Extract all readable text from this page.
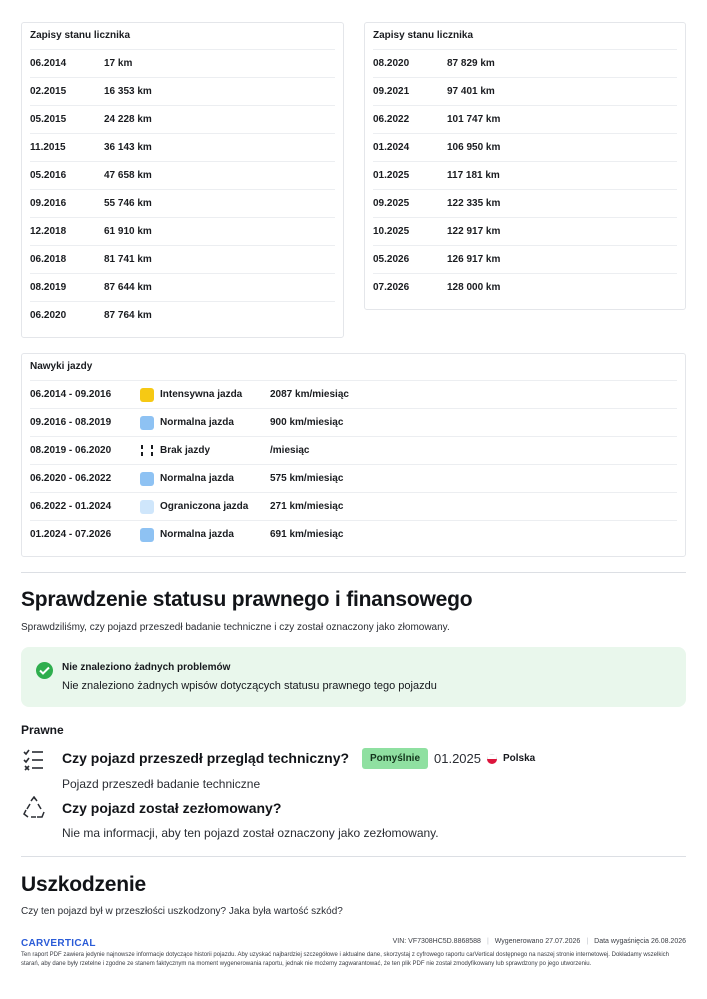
Zapisy stanu licznika
06.2014	17 km
02.2015	16 353 km
05.2015	24 228 km
11.2015	36 143 km
05.2016	47 658 km
09.2016	55 746 km
12.2018	61 910 km
06.2018	81 741 km
08.2019	87 644 km
06.2020	87 764 km
Zapisy stanu licznika
08.2020	87 829 km
09.2021	97 401 km
06.2022	101 747 km
01.2024	106 950 km
01.2025	117 181 km
09.2025	122 335 km
10.2025	122 917 km
05.2026	126 917 km
07.2026	128 000 km
Nawyki jazdy
06.2014 - 09.2016	Intensywna jazda	2087 km/miesiąc
09.2016 - 08.2019	Normalna jazda	900 km/miesiąc
08.2019 - 06.2020	Brak jazdy	/miesiąc
06.2020 - 06.2022	Normalna jazda	575 km/miesiąc
06.2022 - 01.2024	Ograniczona jazda	271 km/miesiąc
01.2024 - 07.2026	Normalna jazda	691 km/miesiąc
Sprawdzenie statusu prawnego i finansowego
Sprawdziliśmy, czy pojazd przeszedł badanie techniczne i czy został oznaczony jako złomowany.
Nie znaleziono żadnych problemów
Nie znaleziono żadnych wpisów dotyczących statusu prawnego tego pojazdu
Prawne
Czy pojazd przeszedł przegląd techniczny?	Pomyślnie	01.2025 Polska
Pojazd przeszedł badanie techniczne
Czy pojazd został zezłomowany?
Nie ma informacji, aby ten pojazd został oznaczony jako zezłomowany.
Uszkodzenie
Czy ten pojazd był w przeszłości uszkodzony? Jaka była wartość szkód?
CARVERTICAL	VIN: VF7308HC5D.8868588 | Wygenerowano 27.07.2026 | Data wygaśnięcia 26.08.2026
Ten raport PDF zawiera jedynie najnowsze informacje dotyczące historii pojazdu. Aby uzyskać najbardziej szczegółowe i aktualne dane, skorzystaj z cyfrowego raportu carVertical dostępnego na naszej stronie internetowej. Dokładamy wszelkich starań, aby dane były rzetelne i zgodne ze stanem faktycznym na moment wygenerowania raportu, jednak nie możemy zagwarantować, że ten plik PDF nie został zmodyfikowany lub sprawdzony po jego utworzeniu.
